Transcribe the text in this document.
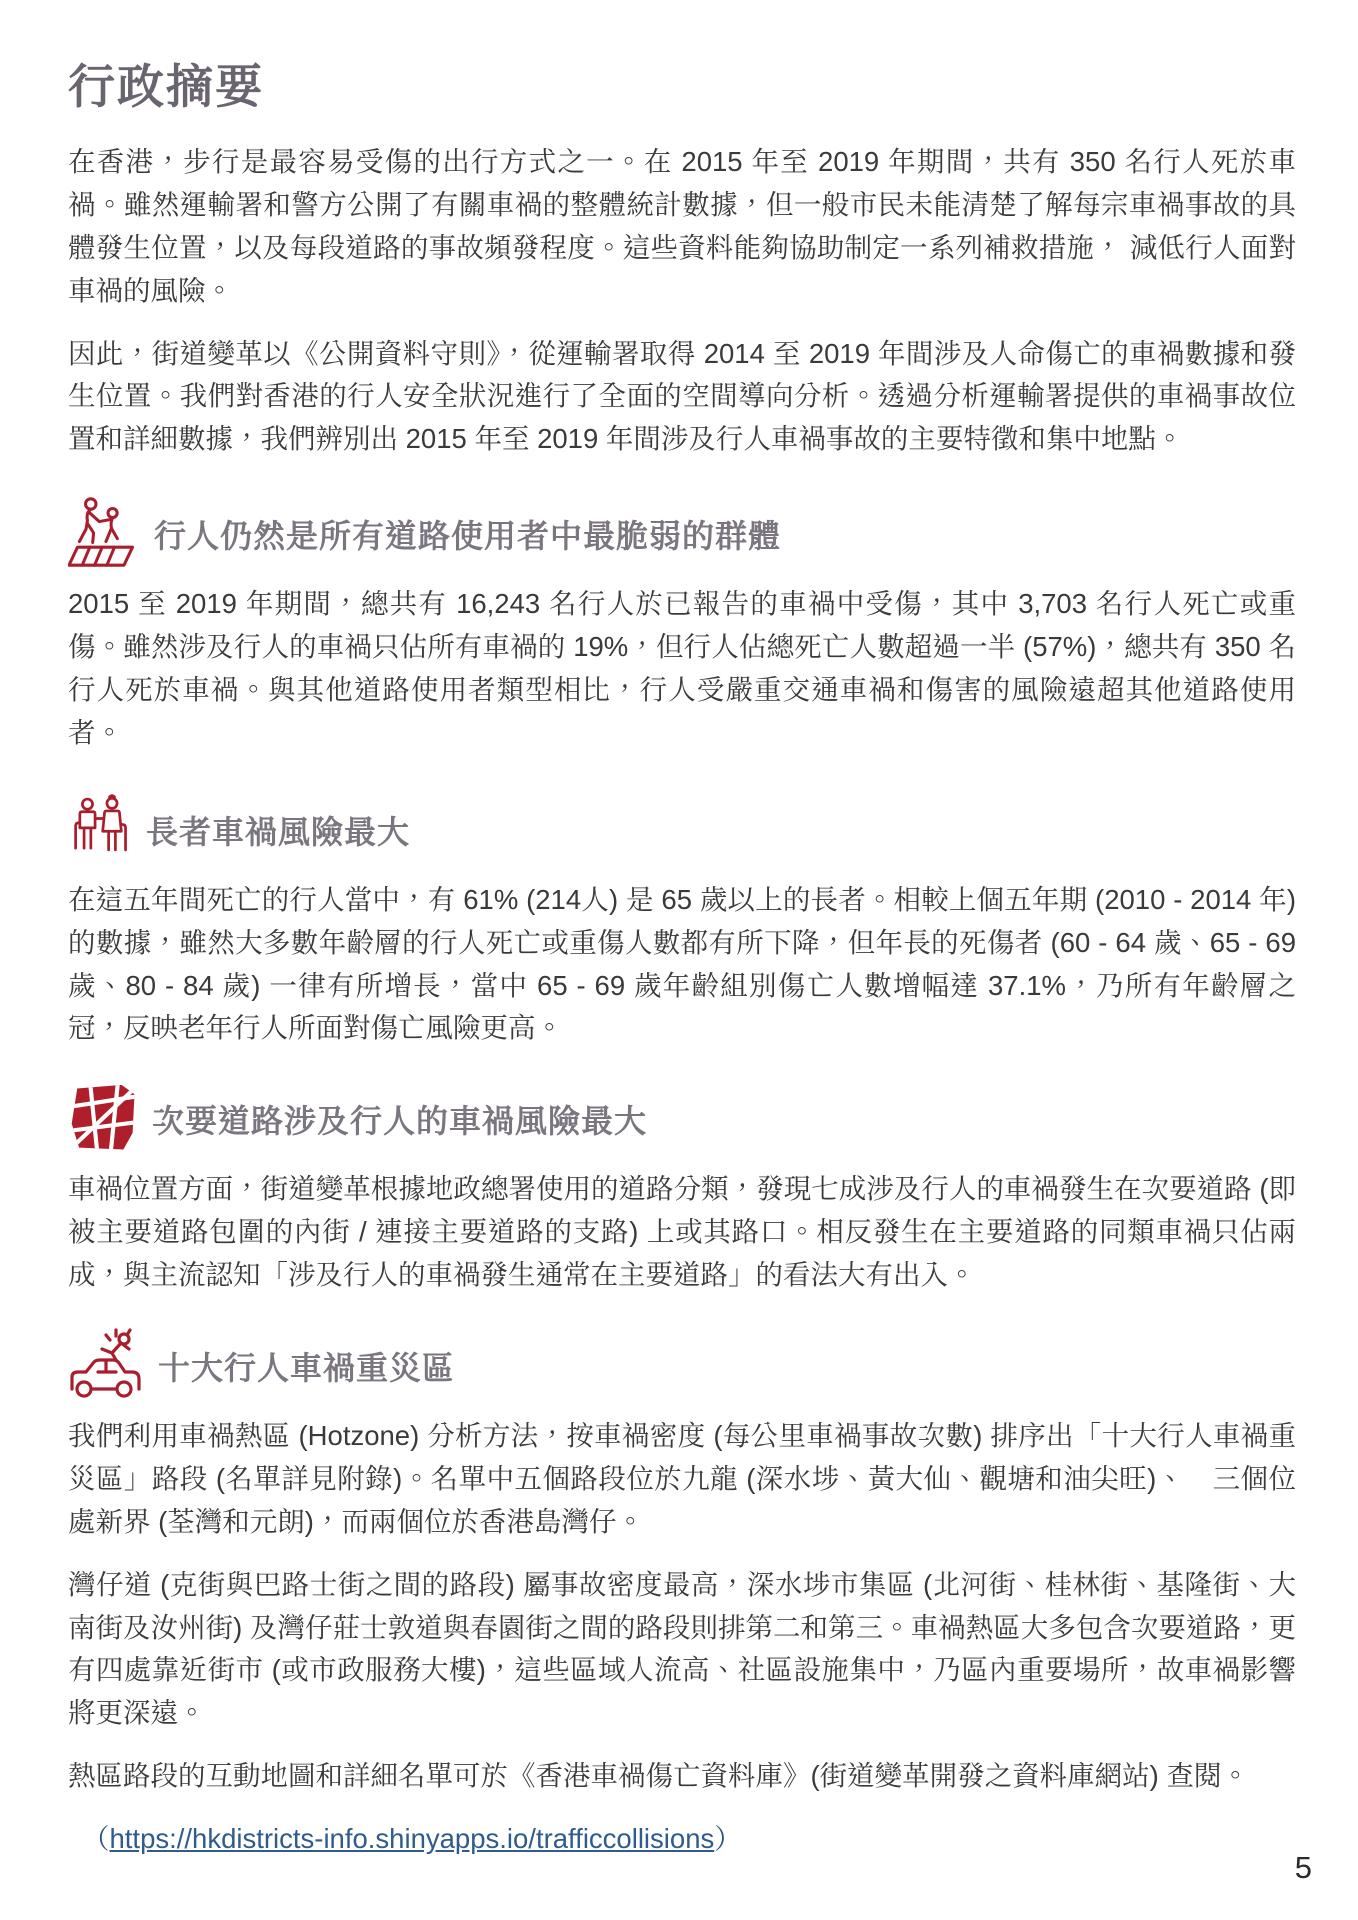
行政摘要

在香港，步行是最容易受傷的出行方式之一。在 2015 年至 2019 年期間，共有 350 名行人死於車禍。雖然運輸署和警方公開了有關車禍的整體統計數據，但一般市民未能清楚了解每宗車禍事故的具體發生位置，以及每段道路的事故頻發程度。這些資料能夠協助制定一系列補救措施， 減低行人面對車禍的風險。

因此，街道變革以《公開資料守則》，從運輸署取得 2014 至 2019 年間涉及人命傷亡的車禍數據和發生位置。我們對香港的行人安全狀況進行了全面的空間導向分析。透過分析運輸署提供的車禍事故位置和詳細數據，我們辨別出 2015 年至 2019 年間涉及行人車禍事故的主要特徵和集中地點。

行人仍然是所有道路使用者中最脆弱的群體

2015 至 2019 年期間，總共有 16,243 名行人於已報告的車禍中受傷，其中 3,703 名行人死亡或重傷。雖然涉及行人的車禍只佔所有車禍的 19%，但行人佔總死亡人數超過一半 (57%)，總共有 350 名行人死於車禍。與其他道路使用者類型相比，行人受嚴重交通車禍和傷害的風險遠超其他道路使用者。

長者車禍風險最大

在這五年間死亡的行人當中，有 61% (214人) 是 65 歲以上的長者。相較上個五年期 (2010 - 2014 年) 的數據，雖然大多數年齡層的行人死亡或重傷人數都有所下降，但年長的死傷者 (60 - 64 歲、65 - 69 歲、80 - 84 歲) 一律有所增長，當中 65 - 69 歲年齡組別傷亡人數增幅達 37.1%，乃所有年齡層之冠，反映老年行人所面對傷亡風險更高。

次要道路涉及行人的車禍風險最大

車禍位置方面，街道變革根據地政總署使用的道路分類，發現七成涉及行人的車禍發生在次要道路 (即被主要道路包圍的內街 / 連接主要道路的支路) 上或其路口。相反發生在主要道路的同類車禍只佔兩成，與主流認知「涉及行人的車禍發生通常在主要道路」的看法大有出入。

十大行人車禍重災區

我們利用車禍熱區 (Hotzone) 分析方法，按車禍密度 (每公里車禍事故次數) 排序出「十大行人車禍重災區」路段 (名單詳見附錄)。名單中五個路段位於九龍 (深水埗、黃大仙、觀塘和油尖旺)、　三個位處新界 (荃灣和元朗)，而兩個位於香港島灣仔。

灣仔道 (克街與巴路士街之間的路段) 屬事故密度最高，深水埗市集區 (北河街、桂林街、基隆街、大南街及汝州街) 及灣仔莊士敦道與春園街之間的路段則排第二和第三。車禍熱區大多包含次要道路，更有四處靠近街市 (或市政服務大樓)，這些區域人流高、社區設施集中，乃區內重要場所，故車禍影響將更深遠。

熱區路段的互動地圖和詳細名單可於《香港車禍傷亡資料庫》(街道變革開發之資料庫網站) 查閱。

（https://hkdistricts-info.shinyapps.io/trafficcollisions）

5
